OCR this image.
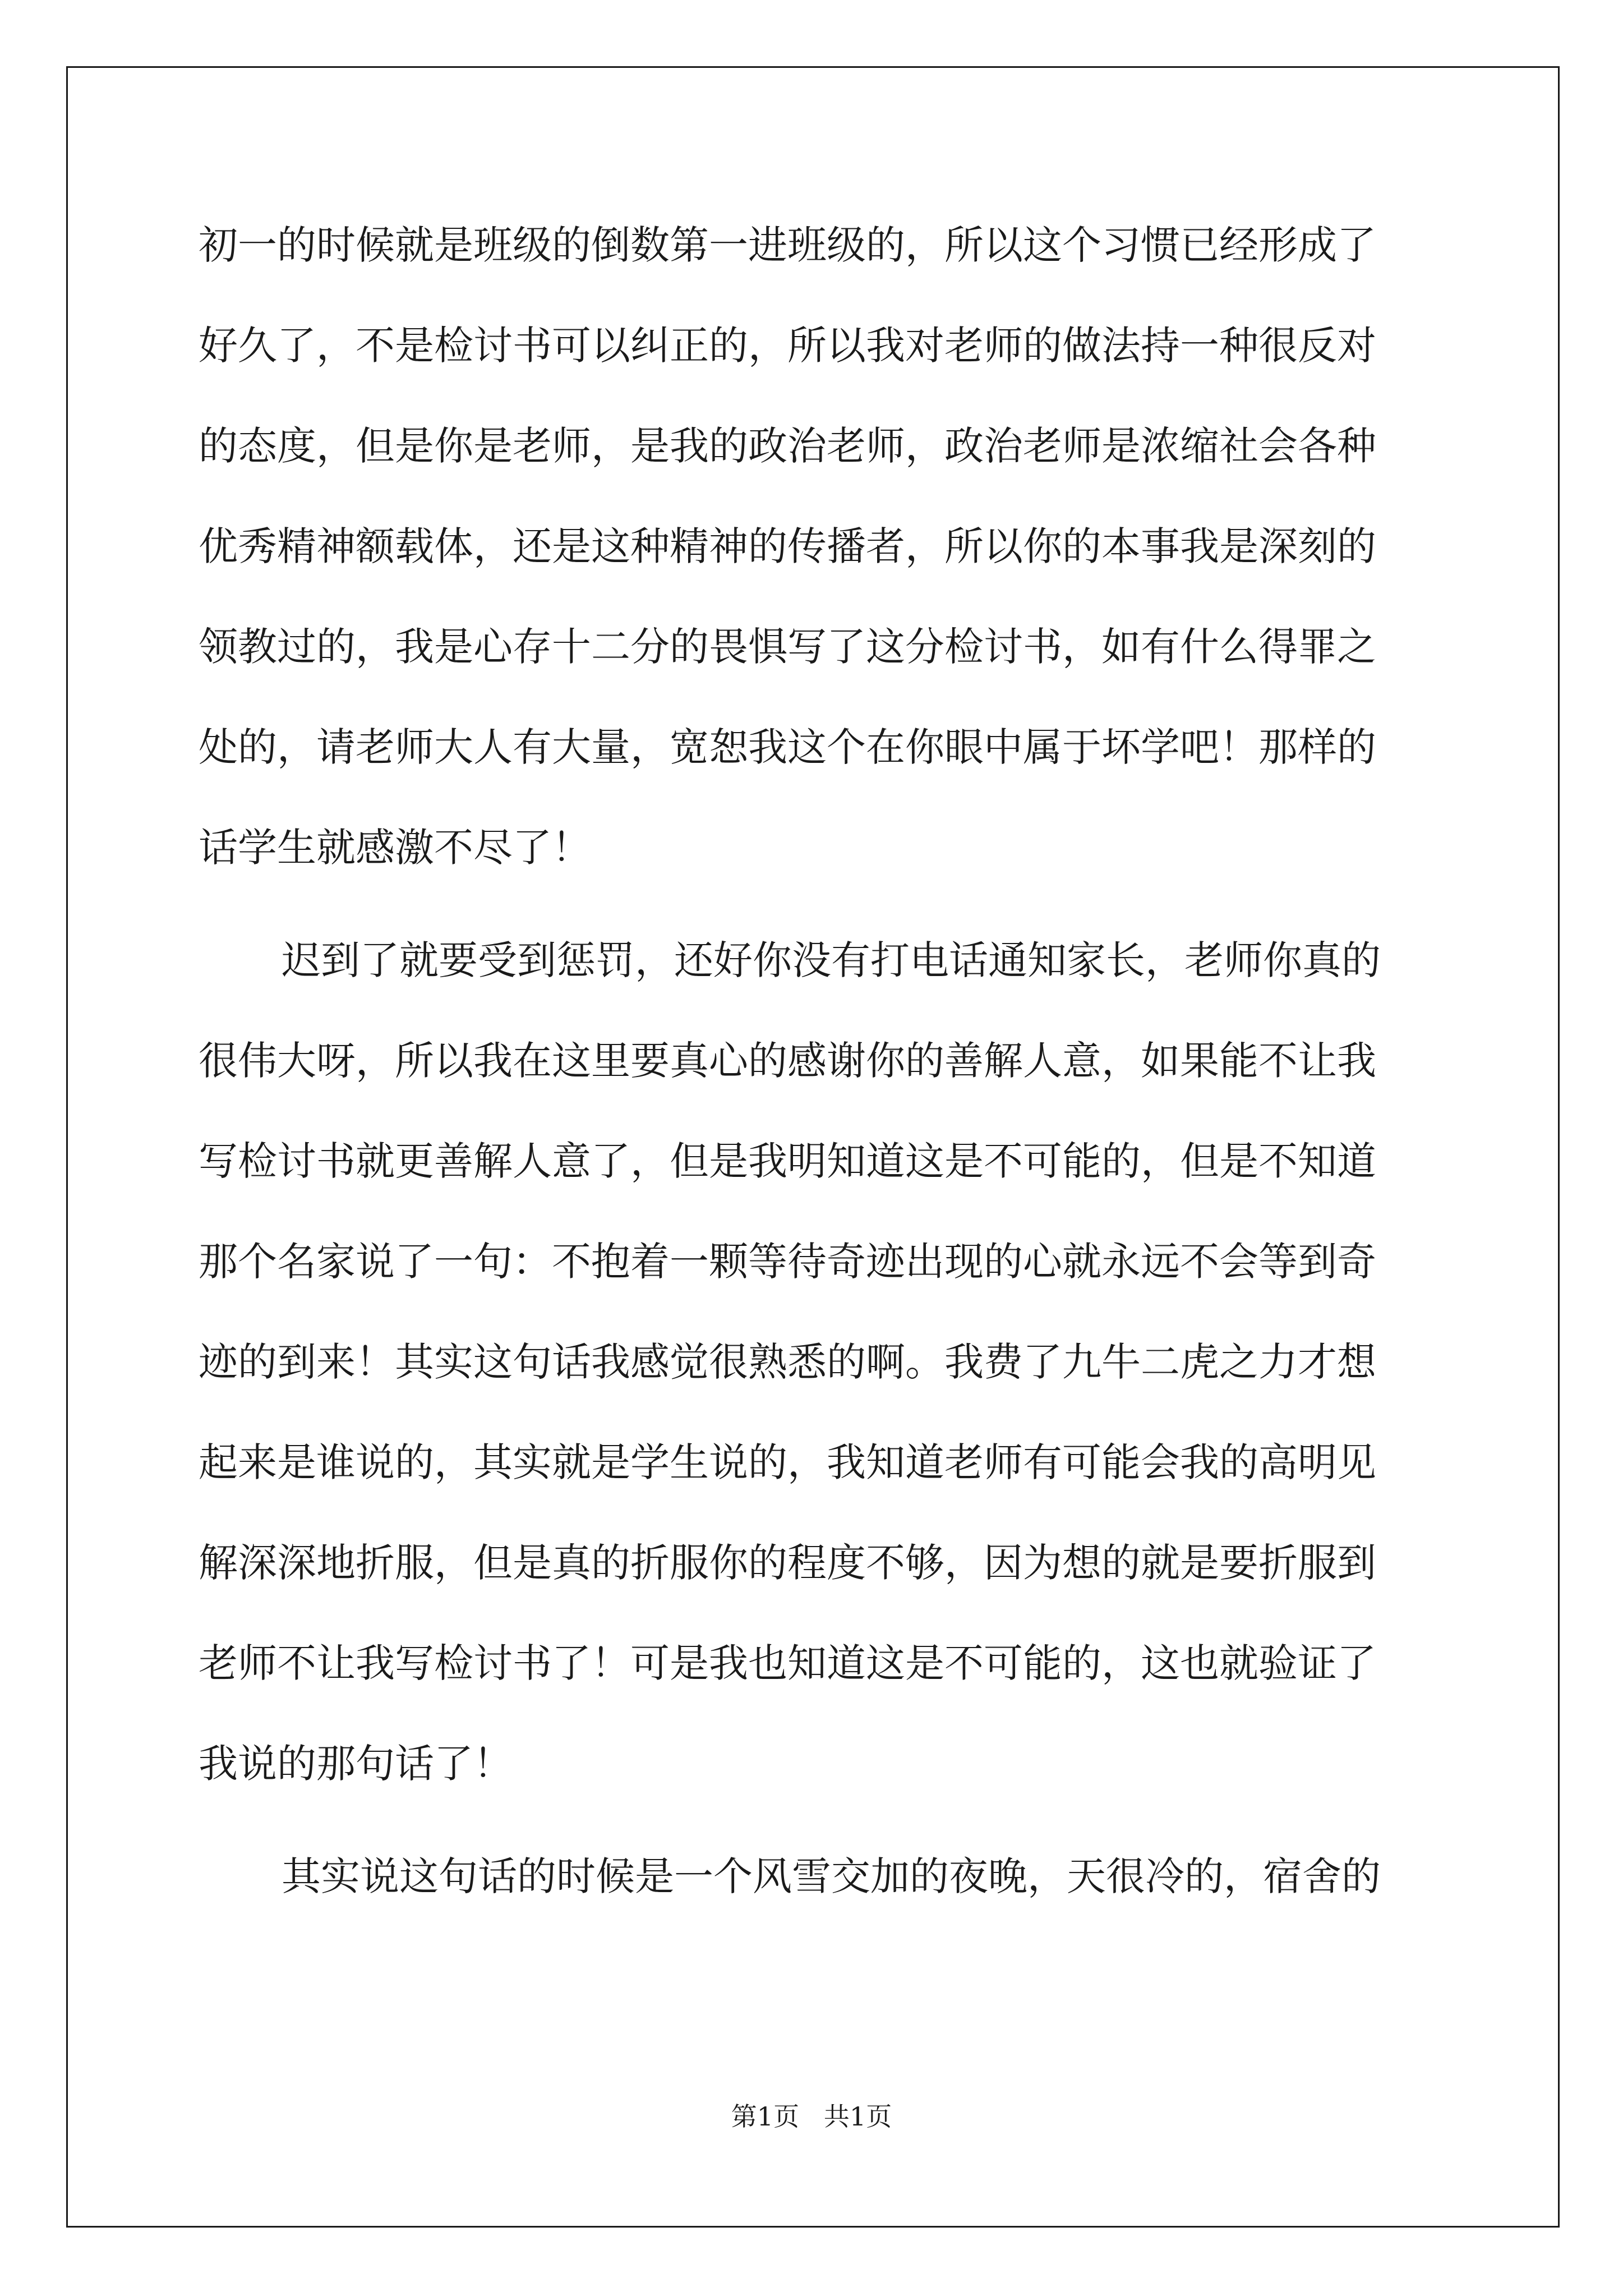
初一的时候就是班级的倒数第一进班级的，所以这个习惯已经形成了
好久了，不是检讨书可以纠正的，所以我对老师的做法持一种很反对
的态度，但是你是老师，是我的政治老师，政治老师是浓缩社会各种
优秀精神额载体，还是这种精神的传播者，所以你的本事我是深刻的
领教过的，我是心存十二分的畏惧写了这分检讨书，如有什么得罪之
处的，请老师大人有大量，宽恕我这个在你眼中属于坏学吧！那样的
话学生就感激不尽了！
迟到了就要受到惩罚，还好你没有打电话通知家长，老师你真的
很伟大呀，所以我在这里要真心的感谢你的善解人意，如果能不让我
写检讨书就更善解人意了，但是我明知道这是不可能的，但是不知道
那个名家说了一句：不抱着一颗等待奇迹出现的心就永远不会等到奇
迹的到来！其实这句话我感觉很熟悉的啊。我费了九牛二虎之力才想
起来是谁说的，其实就是学生说的，我知道老师有可能会我的高明见
解深深地折服，但是真的折服你的程度不够，因为想的就是要折服到
老师不让我写检讨书了！可是我也知道这是不可能的，这也就验证了
我说的那句话了！
其实说这句话的时候是一个风雪交加的夜晚，天很冷的，宿舍的
第1页   共1页
